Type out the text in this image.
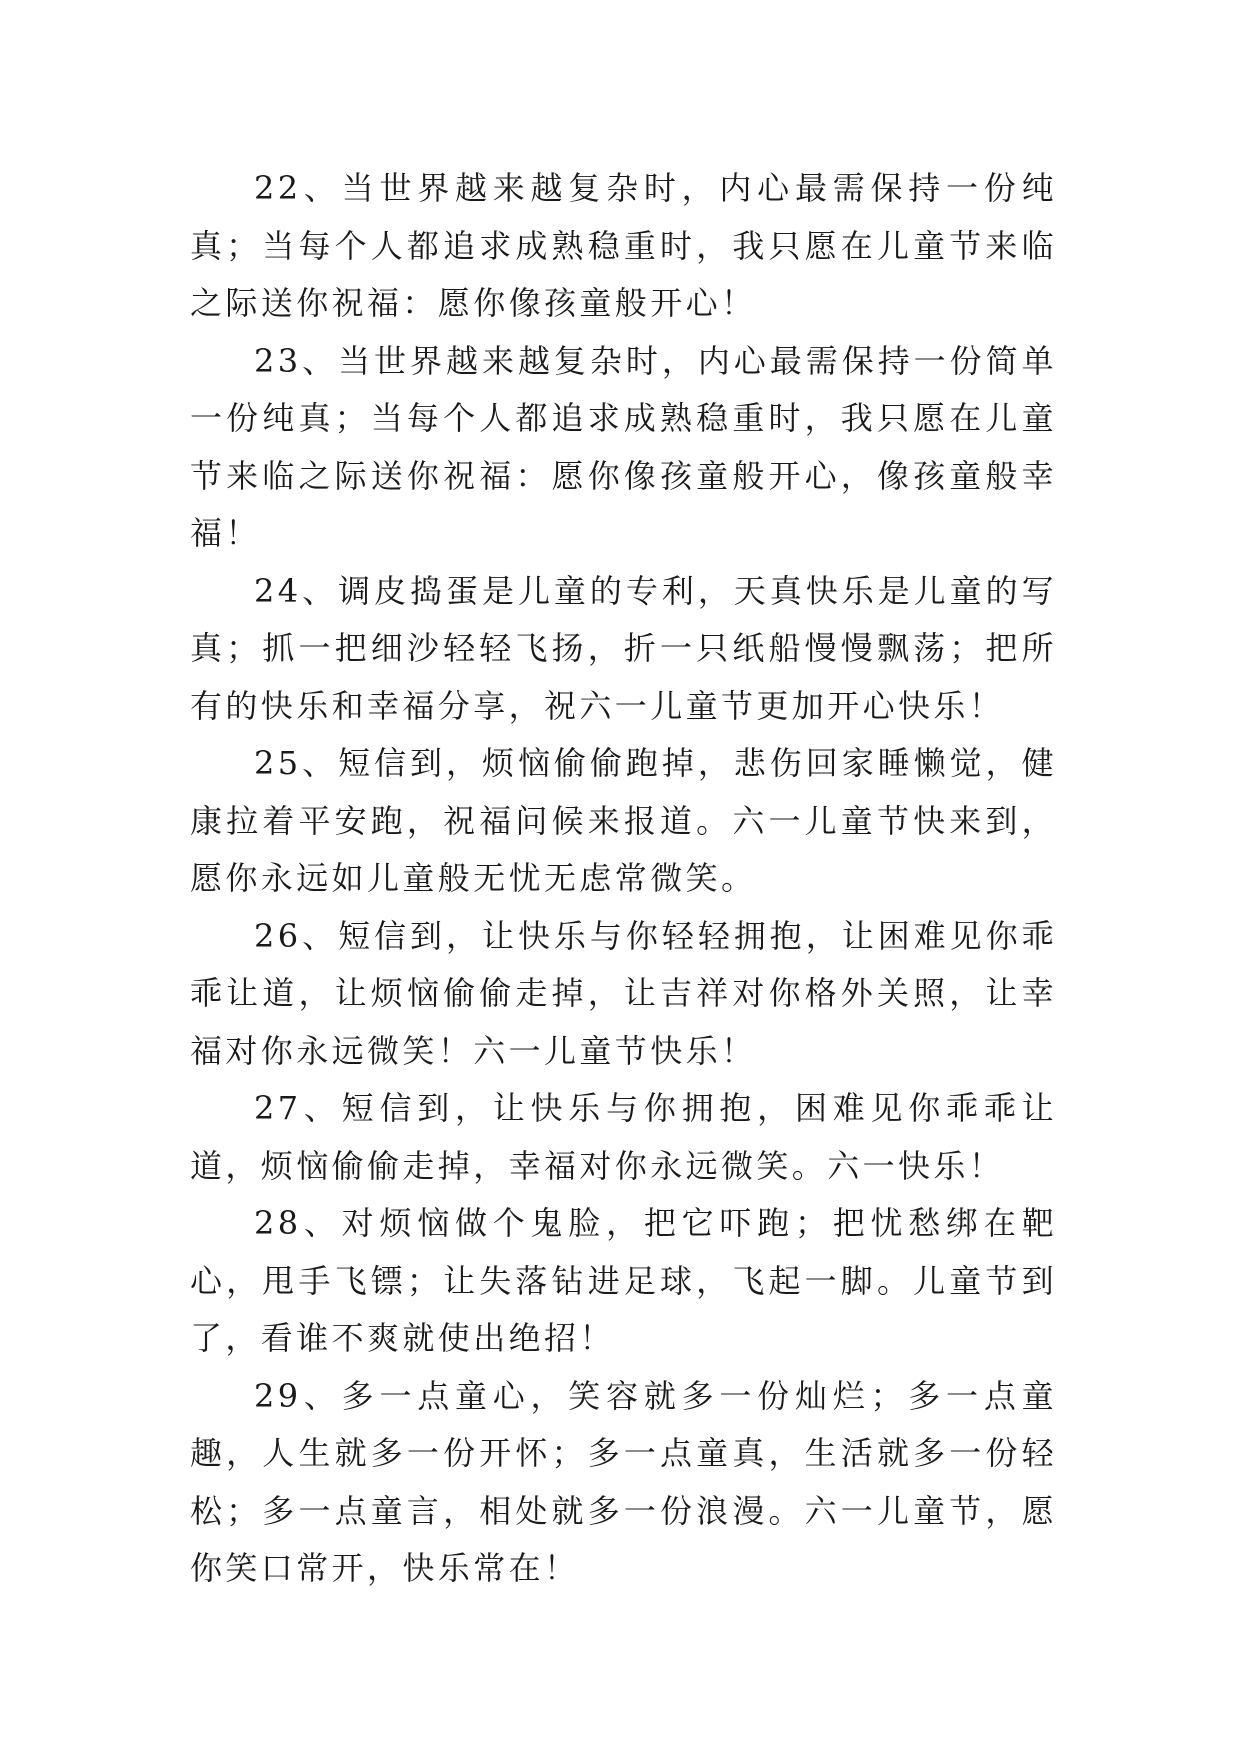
22、当世界越来越复杂时，内心最需保持一份纯真；当每个人都追求成熟稳重时，我只愿在儿童节来临之际送你祝福：愿你像孩童般开心！

23、当世界越来越复杂时，内心最需保持一份简单一份纯真；当每个人都追求成熟稳重时，我只愿在儿童节来临之际送你祝福：愿你像孩童般开心，像孩童般幸福！

24、调皮捣蛋是儿童的专利，天真快乐是儿童的写真；抓一把细沙轻轻飞扬，折一只纸船慢慢飘荡；把所有的快乐和幸福分享，祝六一儿童节更加开心快乐！

25、短信到，烦恼偷偷跑掉，悲伤回家睡懒觉，健康拉着平安跑，祝福问候来报道。六一儿童节快来到，愿你永远如儿童般无忧无虑常微笑。

26、短信到，让快乐与你轻轻拥抱，让困难见你乖乖让道，让烦恼偷偷走掉，让吉祥对你格外关照，让幸福对你永远微笑！六一儿童节快乐！

27、短信到，让快乐与你拥抱，困难见你乖乖让道，烦恼偷偷走掉，幸福对你永远微笑。六一快乐！

28、对烦恼做个鬼脸，把它吓跑；把忧愁绑在靶心，甩手飞镖；让失落钻进足球，飞起一脚。儿童节到了，看谁不爽就使出绝招！

29、多一点童心，笑容就多一份灿烂；多一点童趣，人生就多一份开怀；多一点童真，生活就多一份轻松；多一点童言，相处就多一份浪漫。六一儿童节，愿你笑口常开，快乐常在！
